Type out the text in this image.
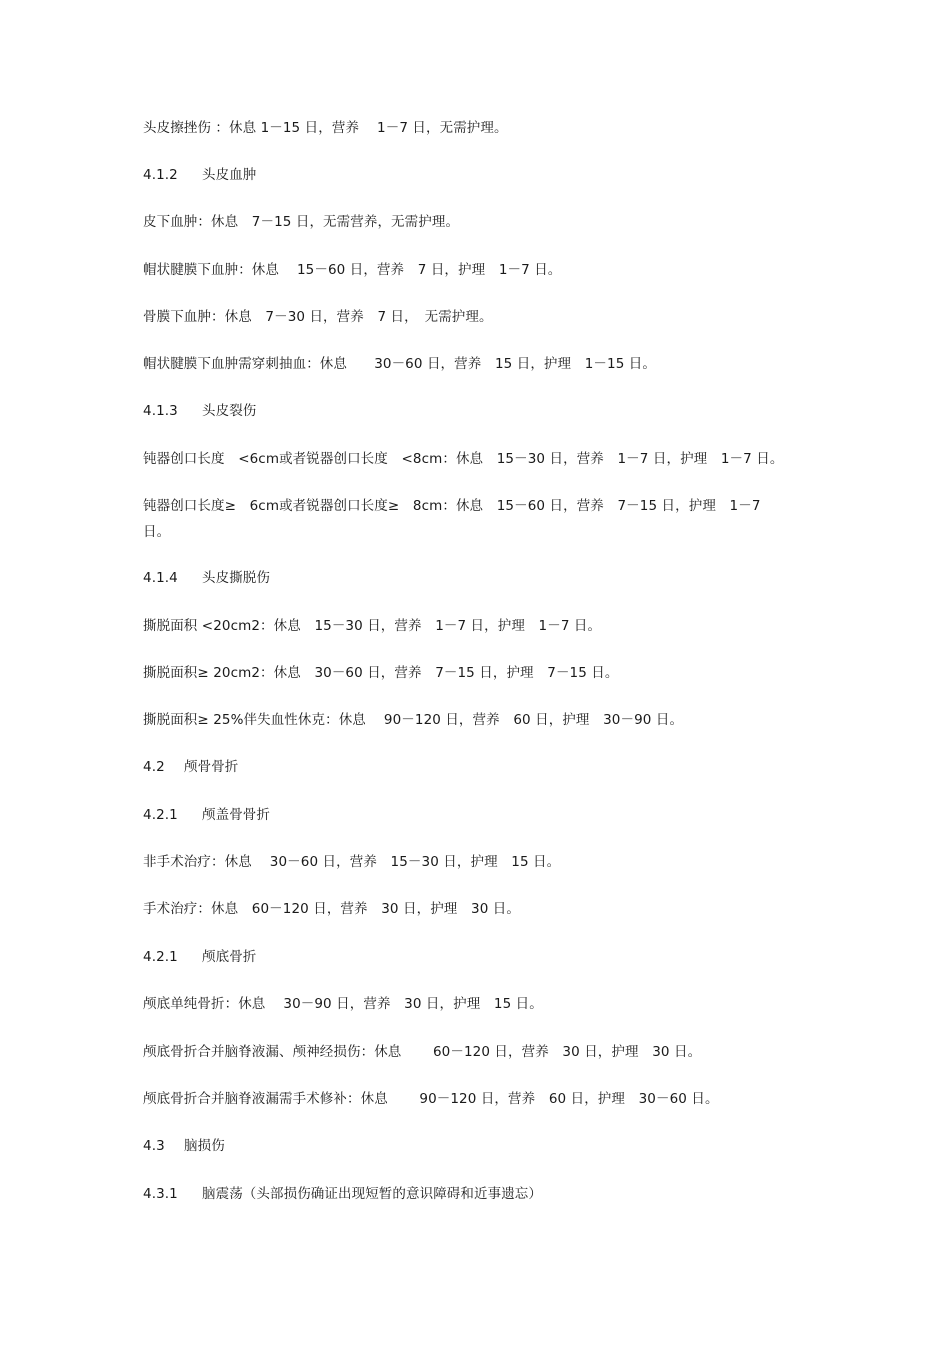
头皮擦挫伤 ：休息 1－15 日，营养 　1－7 日，无需护理。
4.1.2 头皮血肿
皮下血肿：休息　7－15 日，无需营养，无需护理。
帽状腱膜下血肿：休息　 15－60 日，营养　7 日，护理　1－7 日。
骨膜下血肿：休息　7－30 日，营养　7 日，　无需护理。
帽状腱膜下血肿需穿刺抽血：休息　　30－60 日，营养　15 日，护理　1－15 日。
4.1.3 头皮裂伤
钝器创口长度　<6cm或者锐器创口长度　<8cm：休息　15－30 日，营养　1－7 日，护理　1－7 日。
钝器创口长度≥　6cm或者锐器创口长度≥　8cm：休息　15－60 日，营养　7－15 日，护理　1－7
日。
4.1.4 头皮撕脱伤
撕脱面积 <20cm2：休息　15－30 日，营养　1－7 日，护理　1－7 日。
撕脱面积≥ 20cm2：休息　30－60 日，营养　7－15 日，护理　7－15 日。
撕脱面积≥ 25%伴失血性休克：休息　 90－120 日，营养　60 日，护理　30－90 日。
4.2 颅骨骨折
4.2.1 颅盖骨骨折
非手术治疗：休息　 30－60 日，营养　15－30 日，护理　15 日。
手术治疗：休息　60－120 日，营养　30 日，护理　30 日。
4.2.1 颅底骨折
颅底单纯骨折：休息　 30－90 日，营养　30 日，护理　15 日。
颅底骨折合并脑脊液漏、颅神经损伤：休息　　 60－120 日，营养　30 日，护理　30 日。
颅底骨折合并脑脊液漏需手术修补：休息　　 90－120 日，营养　60 日，护理　30－60 日。
4.3 脑损伤
4.3.1 脑震荡（头部损伤确证出现短暂的意识障碍和近事遗忘）
